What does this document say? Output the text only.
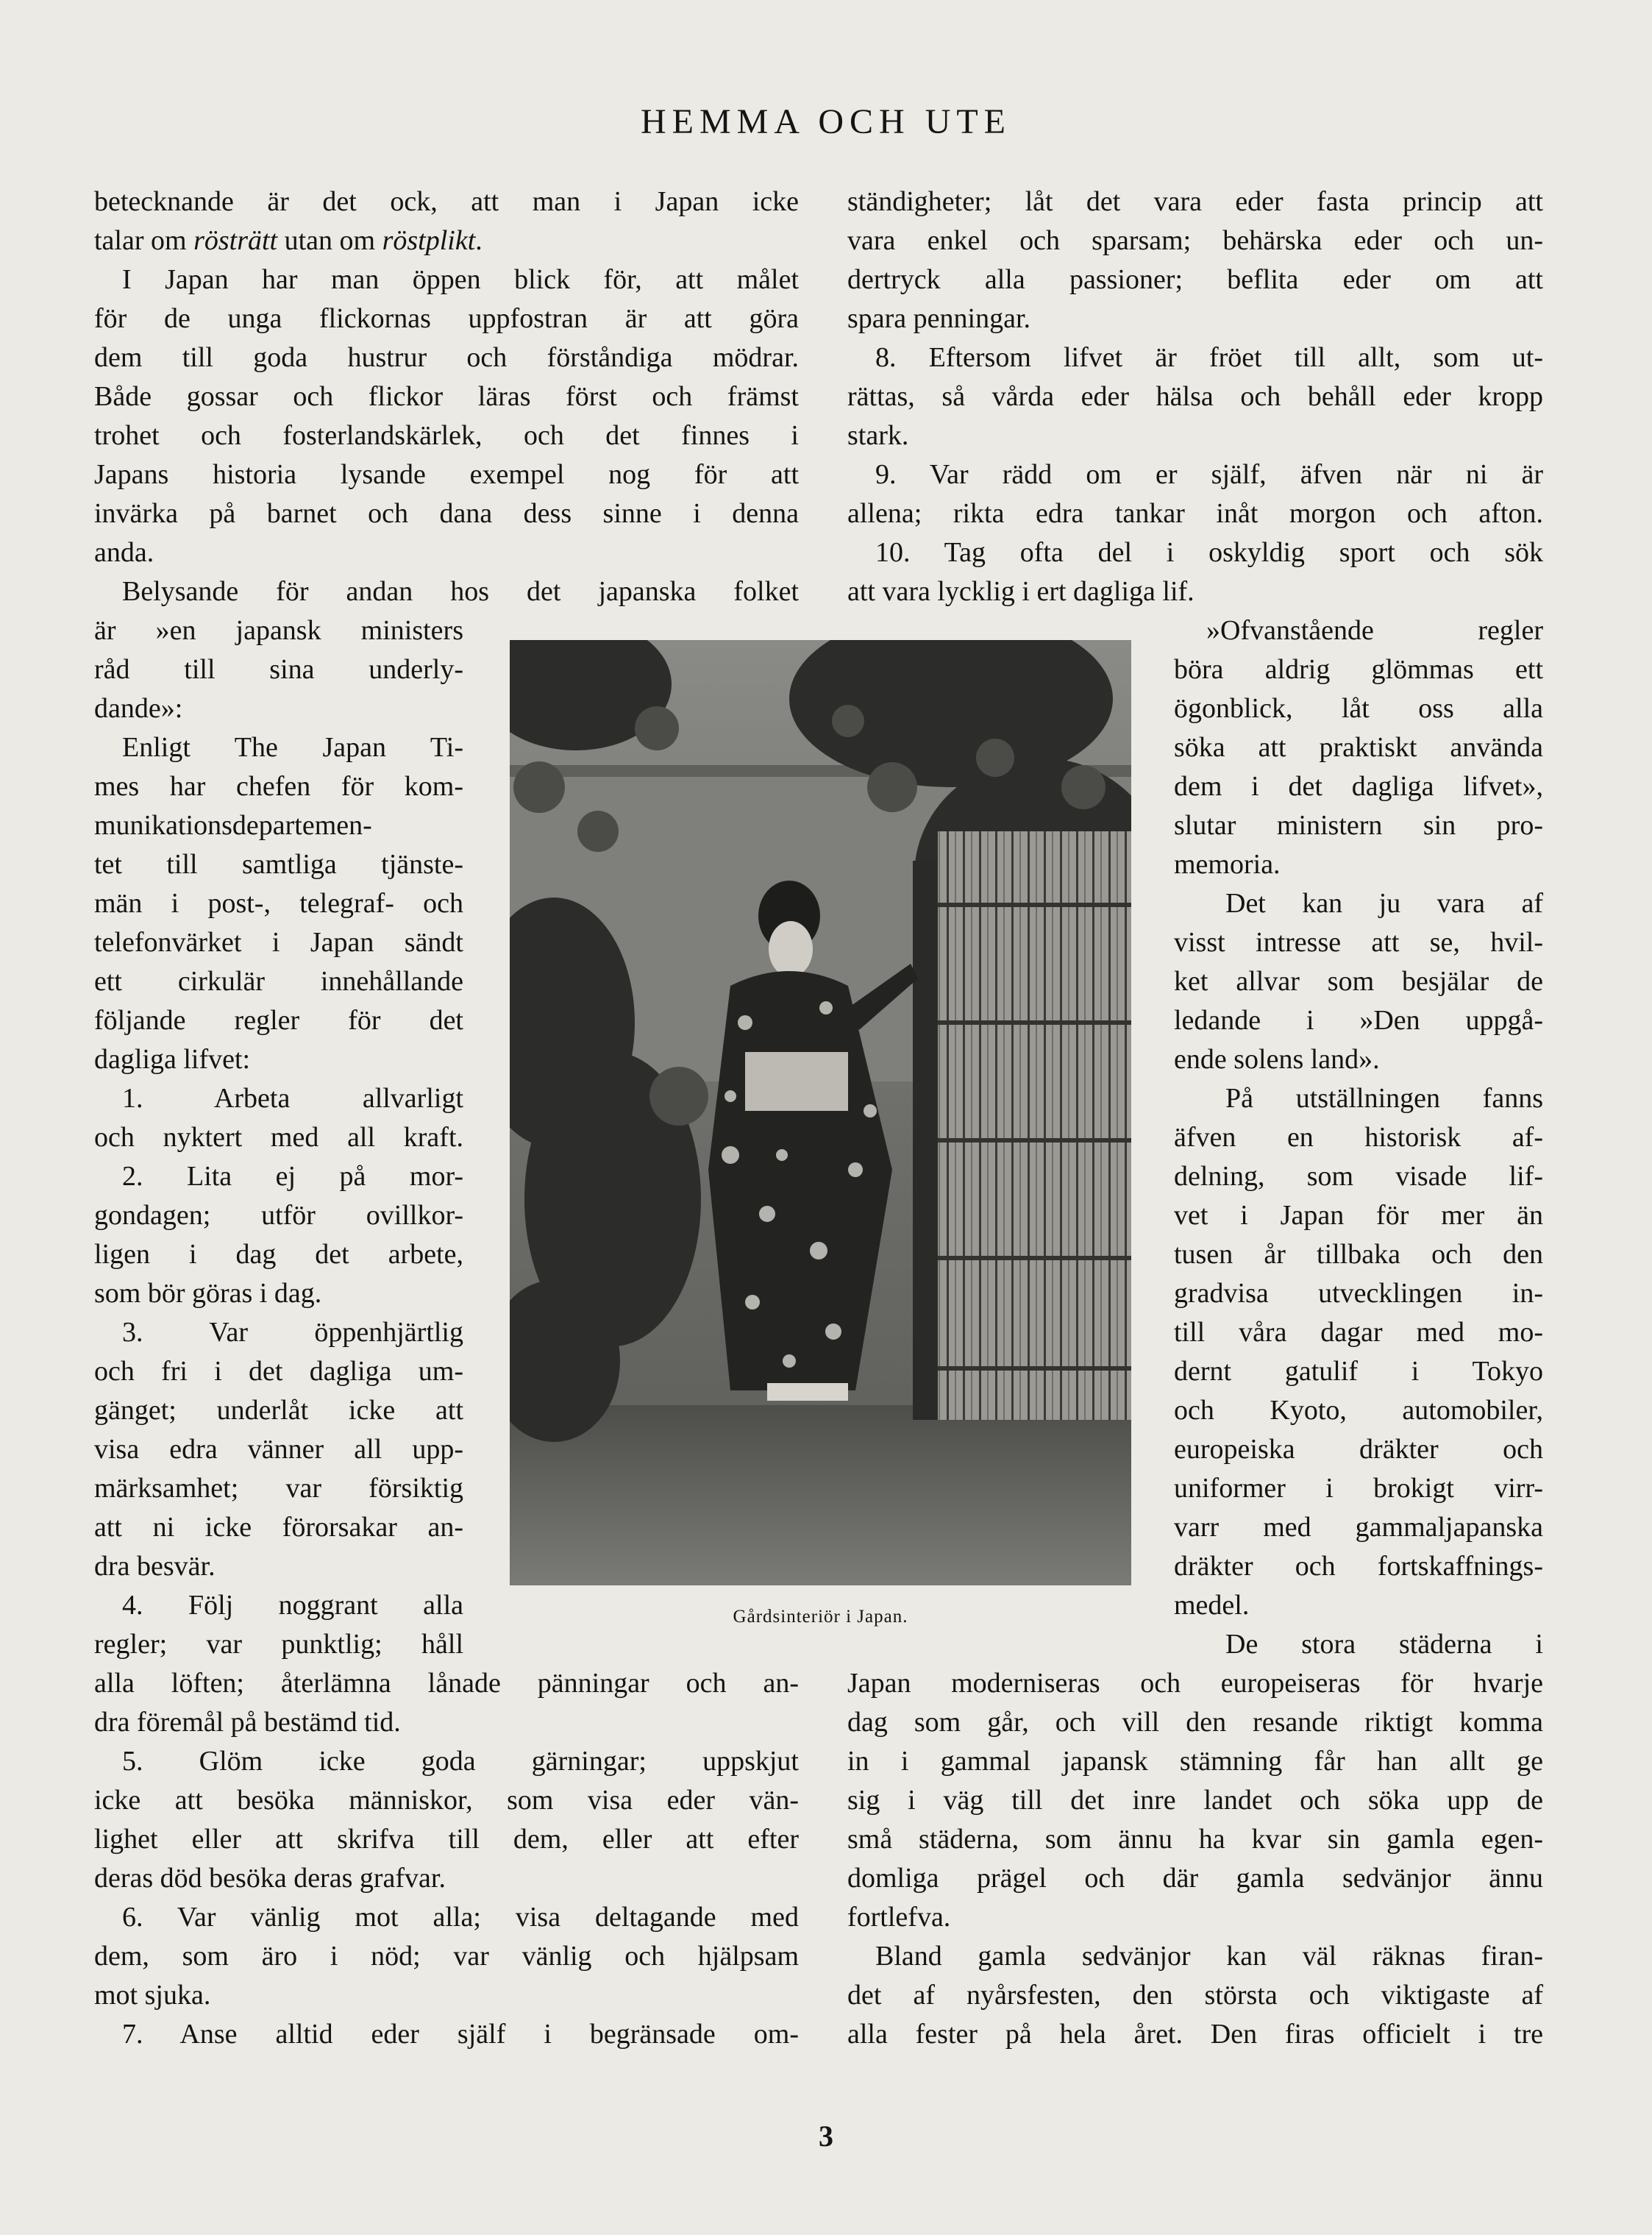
HEMMA OCH UTE
betecknande är det ock, att man i Japan icke
talar om rösträtt utan om röstplikt.
I Japan har man öppen blick för, att målet
för de unga flickornas uppfostran är att göra
dem till goda hustrur och förståndiga mödrar.
Både gossar och flickor läras först och främst
trohet och fosterlandskärlek, och det finnes i
Japans historia lysande exempel nog för att
invärka på barnet och dana dess sinne i denna
anda.
Belysande för andan hos det japanska folket
är »en japansk ministers
råd till sina underly-
dande»:
Enligt The Japan Ti-
mes har chefen för kom-
munikationsdepartemen-
tet till samtliga tjänste-
män i post-, telegraf- och
telefonvärket i Japan sändt
ett cirkulär innehållande
följande regler för det
dagliga lifvet:
1. Arbeta allvarligt
och nyktert med all kraft.
2. Lita ej på mor-
gondagen; utför ovillkor-
ligen i dag det arbete,
som bör göras i dag.
3. Var öppenhjärtlig
och fri i det dagliga um-
gänget; underlåt icke att
visa edra vänner all upp-
märksamhet; var försiktig
att ni icke förorsakar an-
dra besvär.
4. Följ noggrant alla
regler; var punktlig; håll
alla löften; återlämna lånade pänningar och an-
dra föremål på bestämd tid.
5. Glöm icke goda gärningar; uppskjut
icke att besöka människor, som visa eder vän-
lighet eller att skrifva till dem, eller att efter
deras död besöka deras grafvar.
6. Var vänlig mot alla; visa deltagande med
dem, som äro i nöd; var vänlig och hjälpsam
mot sjuka.
7. Anse alltid eder själf i begränsade om-
ständigheter; låt det vara eder fasta princip att
vara enkel och sparsam; behärska eder och un-
dertryck alla passioner; beflita eder om att
spara penningar.
8. Eftersom lifvet är fröet till allt, som ut-
rättas, så vårda eder hälsa och behåll eder kropp
stark.
9. Var rädd om er själf, äfven när ni är
allena; rikta edra tankar inåt morgon och afton.
10. Tag ofta del i oskyldig sport och sök
att vara lycklig i ert dagliga lif.
»Ofvanstående regler
böra aldrig glömmas ett
ögonblick, låt oss alla
söka att praktiskt använda
dem i det dagliga lifvet»,
slutar ministern sin pro-
memoria.
Det kan ju vara af
visst intresse att se, hvil-
ket allvar som besjälar de
ledande i »Den uppgå-
ende solens land».
På utställningen fanns
äfven en historisk af-
delning, som visade lif-
vet i Japan för mer än
tusen år tillbaka och den
gradvisa utvecklingen in-
till våra dagar med mo-
dernt gatulif i Tokyo
och Kyoto, automobiler,
europeiska dräkter och
uniformer i brokigt virr-
varr med gammaljapanska
dräkter och fortskaffnings-
medel.
De stora städerna i
Japan moderniseras och europeiseras för hvarje
dag som går, och vill den resande riktigt komma
in i gammal japansk stämning får han allt ge
sig i väg till det inre landet och söka upp de
små städerna, som ännu ha kvar sin gamla egen-
domliga prägel och där gamla sedvänjor ännu
fortlefva.
Bland gamla sedvänjor kan väl räknas firan-
det af nyårsfesten, den största och viktigaste af
alla fester på hela året. Den firas officielt i tre
Gårdsinteriör i Japan.
3
